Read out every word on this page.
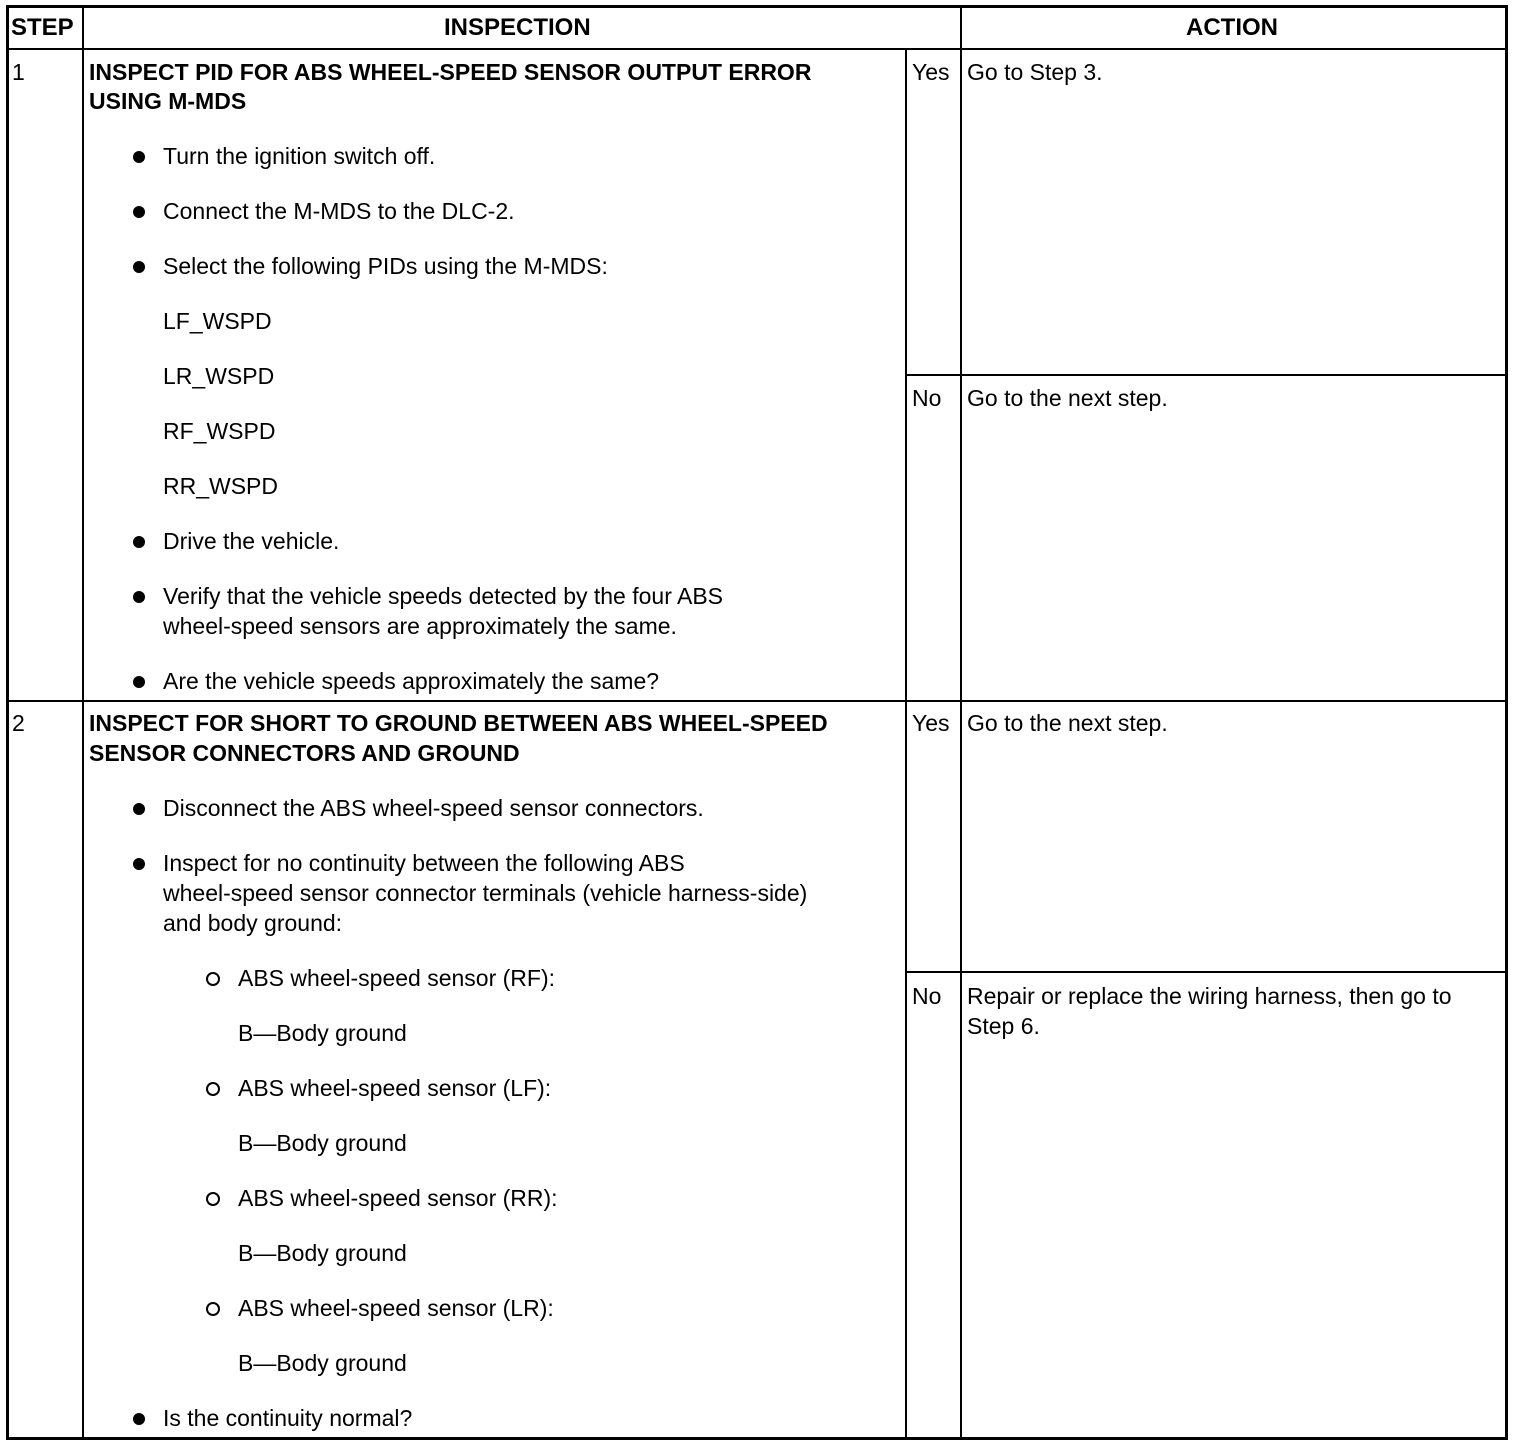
STEP	INSPECTION	ACTION
1	INSPECT PID FOR ABS WHEEL-SPEED SENSOR OUTPUT ERROR
USING M-MDS
Turn the ignition switch off.
Connect the M-MDS to the DLC-2.
Select the following PIDs using the M-MDS:
LF_WSPD
LR_WSPD
RF_WSPD
RR_WSPD
Drive the vehicle.
Verify that the vehicle speeds detected by the four ABS
wheel-speed sensors are approximately the same.
Are the vehicle speeds approximately the same?
Yes Go to Step 3.
No Go to the next step.
2	INSPECT FOR SHORT TO GROUND BETWEEN ABS WHEEL-SPEED
SENSOR CONNECTORS AND GROUND
Disconnect the ABS wheel-speed sensor connectors.
Inspect for no continuity between the following ABS
wheel-speed sensor connector terminals (vehicle harness-side)
and body ground:
ABS wheel-speed sensor (RF):
B—Body ground
ABS wheel-speed sensor (LF):
B—Body ground
ABS wheel-speed sensor (RR):
B—Body ground
ABS wheel-speed sensor (LR):
B—Body ground
Is the continuity normal?
Yes Go to the next step.
No Repair or replace the wiring harness, then go to
Step 6.
